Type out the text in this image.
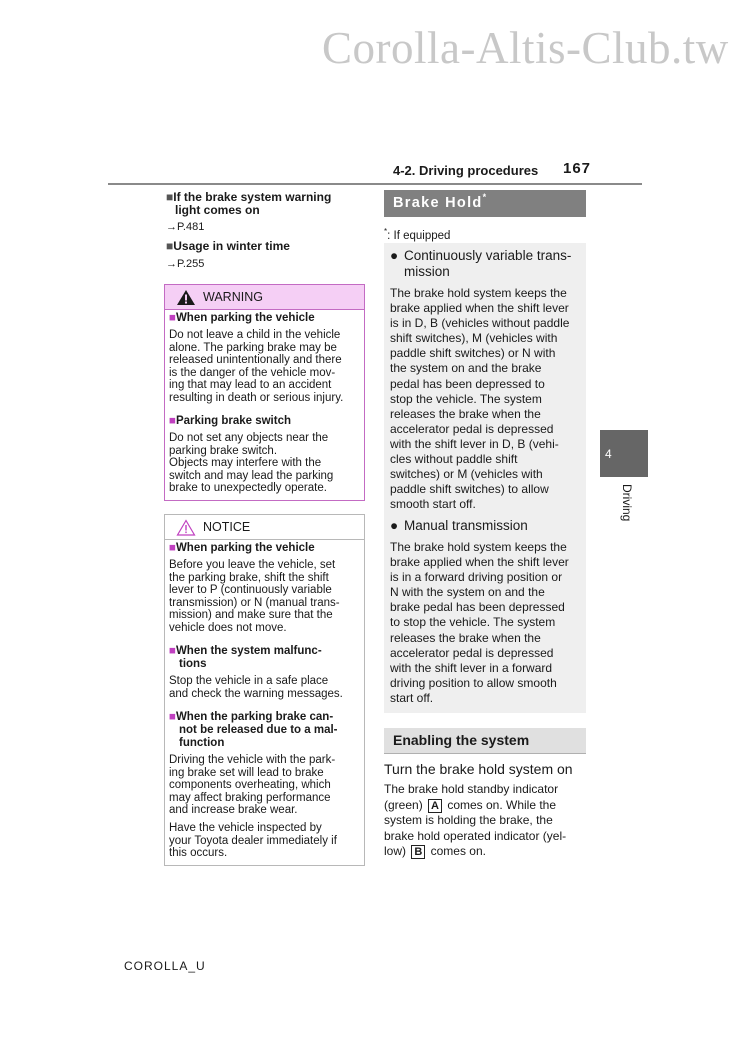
Corolla-Altis-Club.tw
4-2. Driving procedures 167
■If the brake system warning
light comes on
→P.481
■Usage in winter time
→P.255
WARNING
■When parking the vehicle
Do not leave a child in the vehicle
alone. The parking brake may be
released unintentionally and there
is the danger of the vehicle mov-
ing that may lead to an accident
resulting in death or serious injury.
■Parking brake switch
Do not set any objects near the
parking brake switch.
Objects may interfere with the
switch and may lead the parking
brake to unexpectedly operate.
NOTICE
■When parking the vehicle
Before you leave the vehicle, set
the parking brake, shift the shift
lever to P (continuously variable
transmission) or N (manual trans-
mission) and make sure that the
vehicle does not move.
■When the system malfunc-
tions
Stop the vehicle in a safe place
and check the warning messages.
■When the parking brake can-
not be released due to a mal-
function
Driving the vehicle with the park-
ing brake set will lead to brake
components overheating, which
may affect braking performance
and increase brake wear.
Have the vehicle inspected by
your Toyota dealer immediately if
this occurs.
Brake Hold*
*: If equipped
● Continuously variable trans-
mission
The brake hold system keeps the
brake applied when the shift lever
is in D, B (vehicles without paddle
shift switches), M (vehicles with
paddle shift switches) or N with
the system on and the brake
pedal has been depressed to
stop the vehicle. The system
releases the brake when the
accelerator pedal is depressed
with the shift lever in D, B (vehi-
cles without paddle shift
switches) or M (vehicles with
paddle shift switches) to allow
smooth start off.
● Manual transmission
The brake hold system keeps the
brake applied when the shift lever
is in a forward driving position or
N with the system on and the
brake pedal has been depressed
to stop the vehicle. The system
releases the brake when the
accelerator pedal is depressed
with the shift lever in a forward
driving position to allow smooth
start off.
Enabling the system
Turn the brake hold system on
The brake hold standby indicator
(green) A comes on. While the
system is holding the brake, the
brake hold operated indicator (yel-
low) B comes on.
4
Driving
COROLLA_U
